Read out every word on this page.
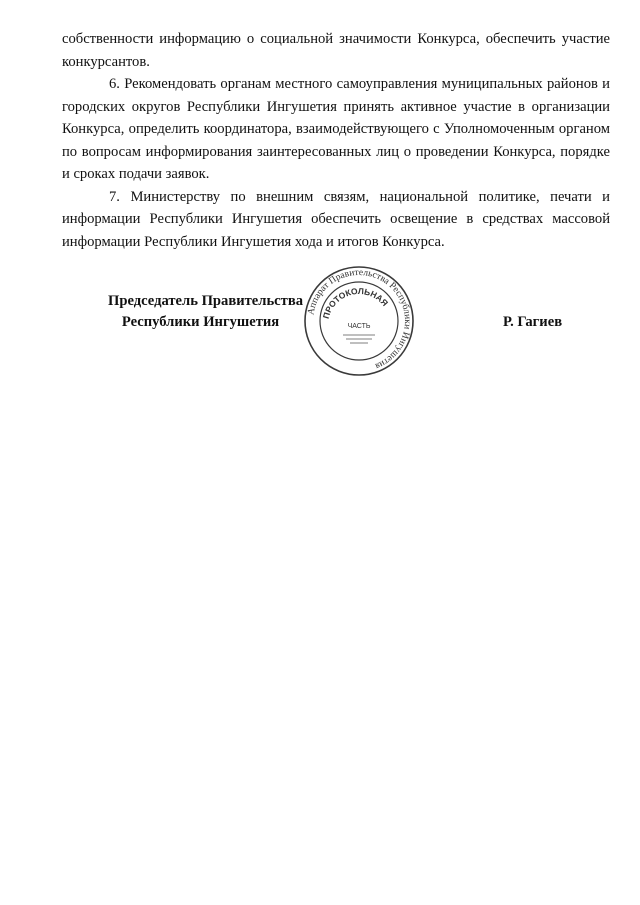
собственности информацию о социальной значимости Конкурса, обеспечить участие конкурсантов.

6. Рекомендовать органам местного самоуправления муниципальных районов и городских округов Республики Ингушетия принять активное участие в организации Конкурса, определить координатора, взаимодействующего с Уполномоченным органом по вопросам информирования заинтересованных лиц о проведении Конкурса, порядке и сроках подачи заявок.

7. Министерству по внешним связям, национальной политике, печати и информации Республики Ингушетия обеспечить освещение в средствах массовой информации Республики Ингушетия хода и итогов Конкурса.

Председатель Правительства
Республики Ингушетия	Р. Гагиев
Аппарат Правительства Республики Ингушетия
ПРОТОКОЛЬНАЯ
ЧАСТЬ
